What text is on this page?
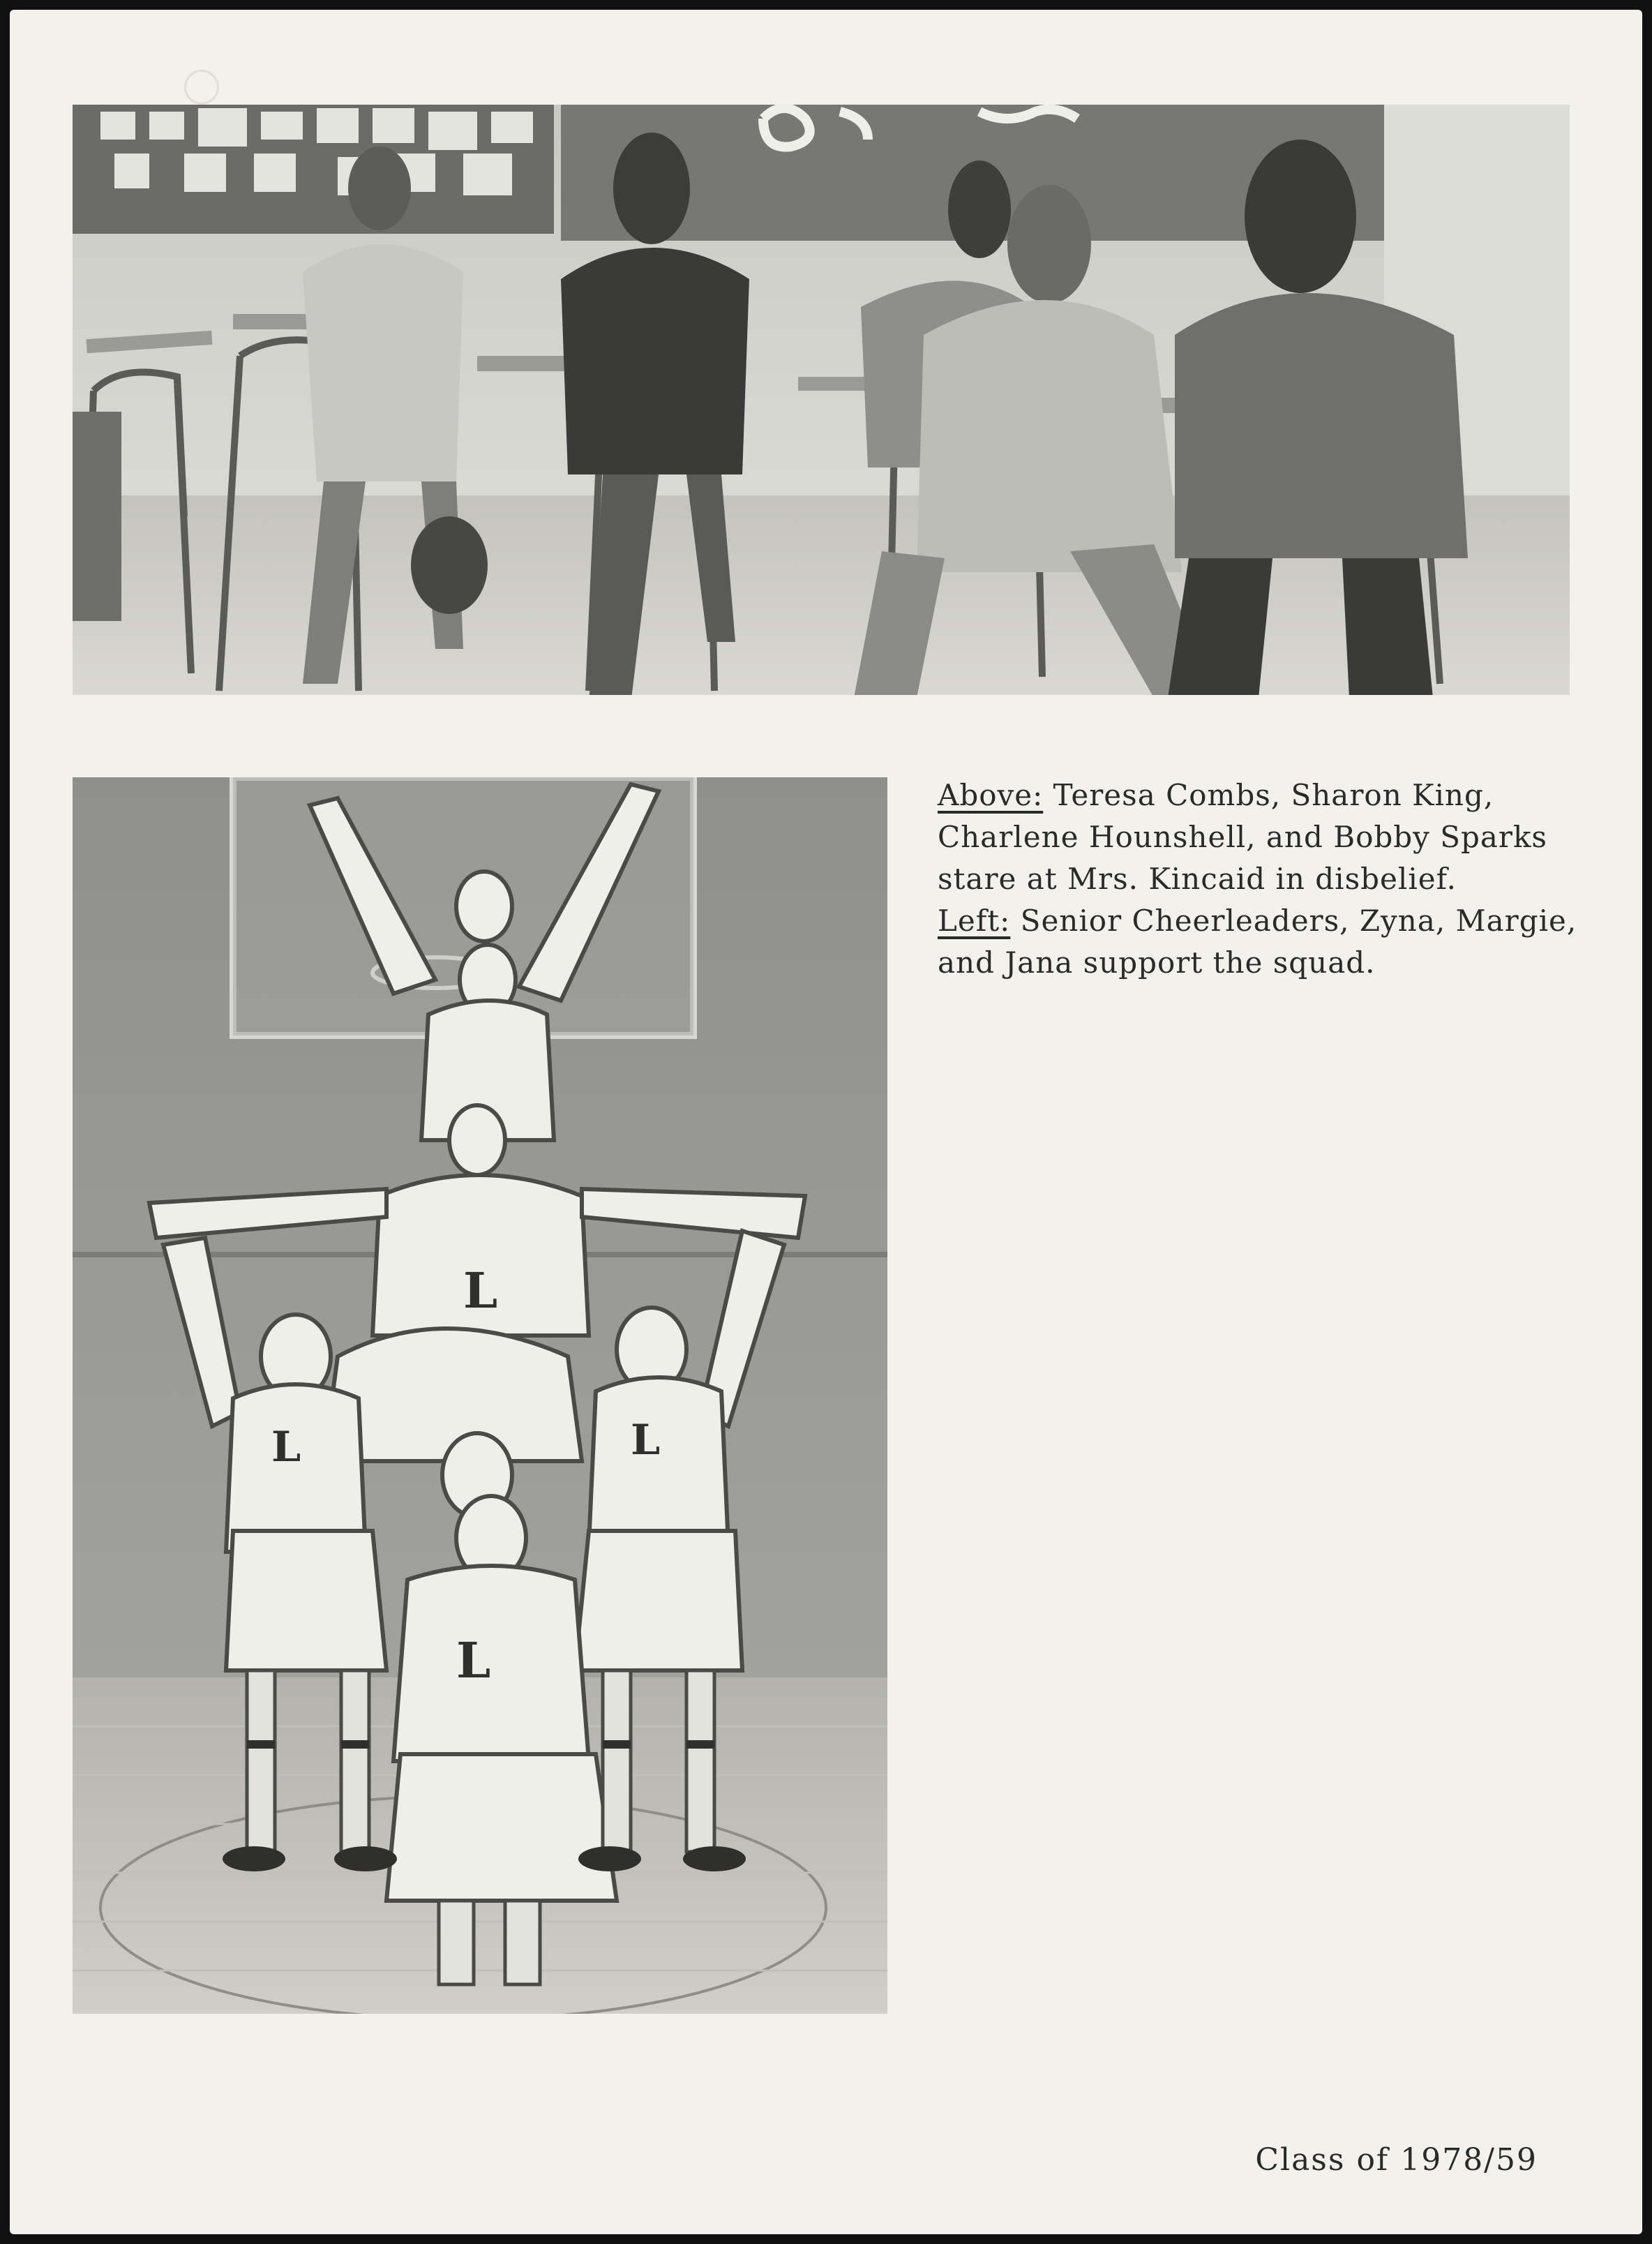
L
L	L
L

Above: Teresa Combs, Sharon King, Charlene Hounshell, and Bobby Sparks stare at Mrs. Kincaid in disbelief.

Left: Senior Cheerleaders, Zyna, Margie, and Jana support the squad.

Class of 1978/59
